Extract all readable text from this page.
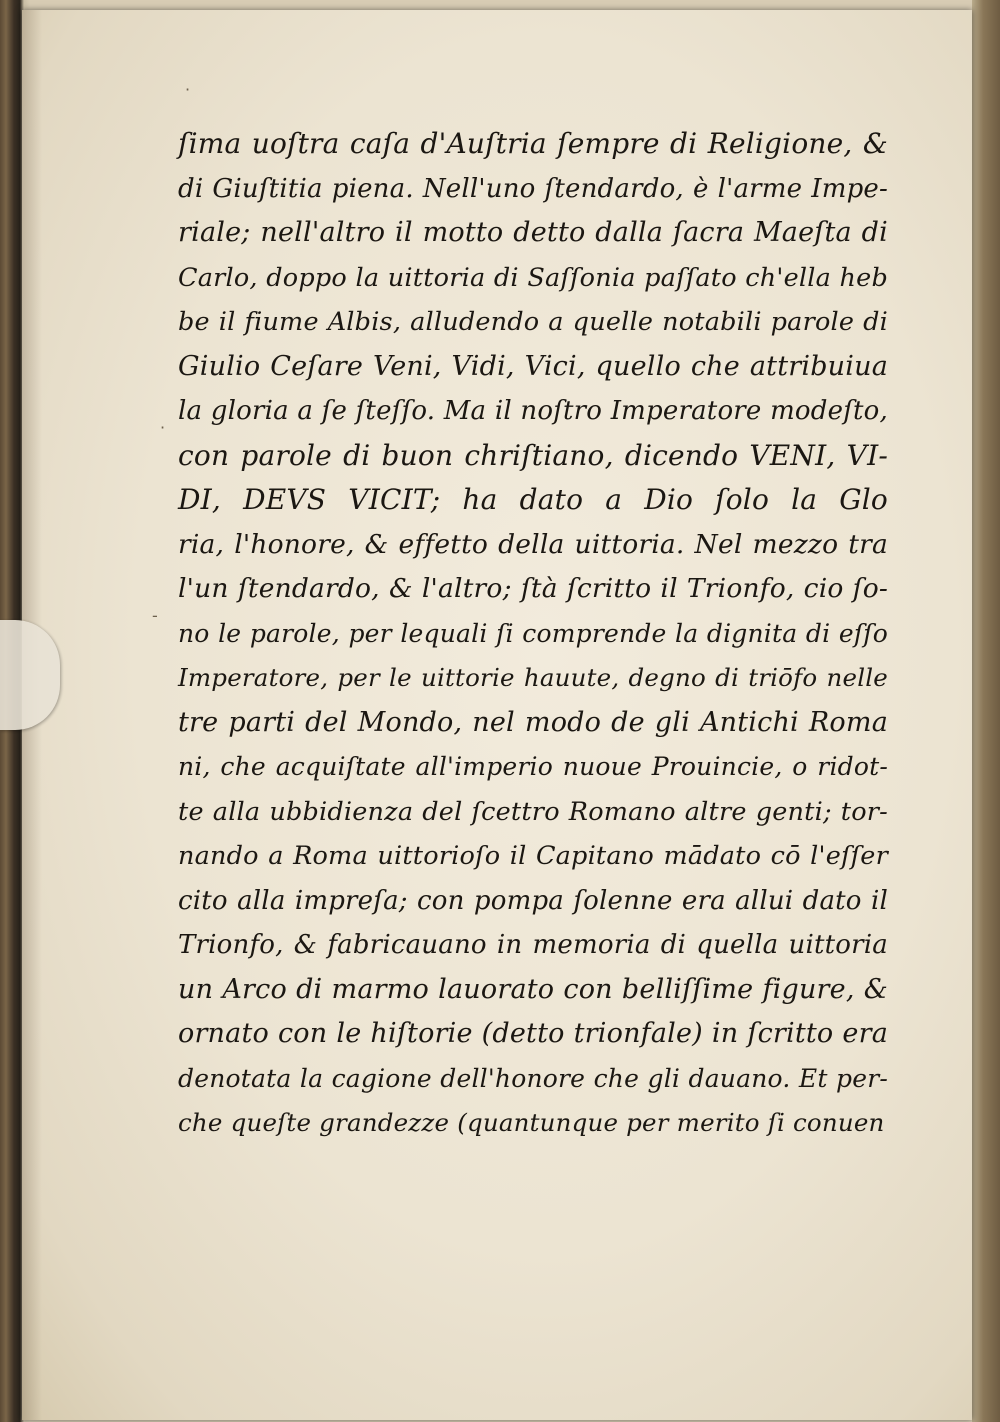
·
·
-
ſima uoſtra caſa d'Auſtria ſempre di Religione, &
di Giuſtitia piena. Nell'uno ſtendardo, è l'arme Impe-
riale; nell'altro il motto detto dalla ſacra Maeſta di
Carlo, doppo la uittoria di Saſſonia paſſato ch'ella heb
be il fiume Albis, alludendo a quelle notabili parole di
Giulio Ceſare Veni, Vidi, Vici, quello che attribuiua
la gloria a ſe ſteſſo. Ma il noſtro Imperatore modeſto,
con parole di buon chriſtiano, dicendo VENI, VI-
DI, DEVS VICIT; ha dato a Dio ſolo la Glo
ria, l'honore, & effetto della uittoria. Nel mezzo tra
l'un ſtendardo, & l'altro; ſtà ſcritto il Trionfo, cio ſo-
no le parole, per lequali ſi comprende la dignita di eſſo
Imperatore, per le uittorie hauute, degno di triōfo nelle
tre parti del Mondo, nel modo de gli Antichi Roma
ni, che acquiſtate all'imperio nuoue Prouincie, o ridot-
te alla ubbidienza del ſcettro Romano altre genti; tor-
nando a Roma uittorioſo il Capitano mādato cō l'eſſer
cito alla impreſa; con pompa ſolenne era allui dato il
Trionfo, & fabricauano in memoria di quella uittoria
un Arco di marmo lauorato con belliſſime figure, &
ornato con le hiſtorie (detto trionfale) in ſcritto era
denotata la cagione dell'honore che gli dauano. Et per-
che queſte grandezze (quantunque per merito ſi conuen
